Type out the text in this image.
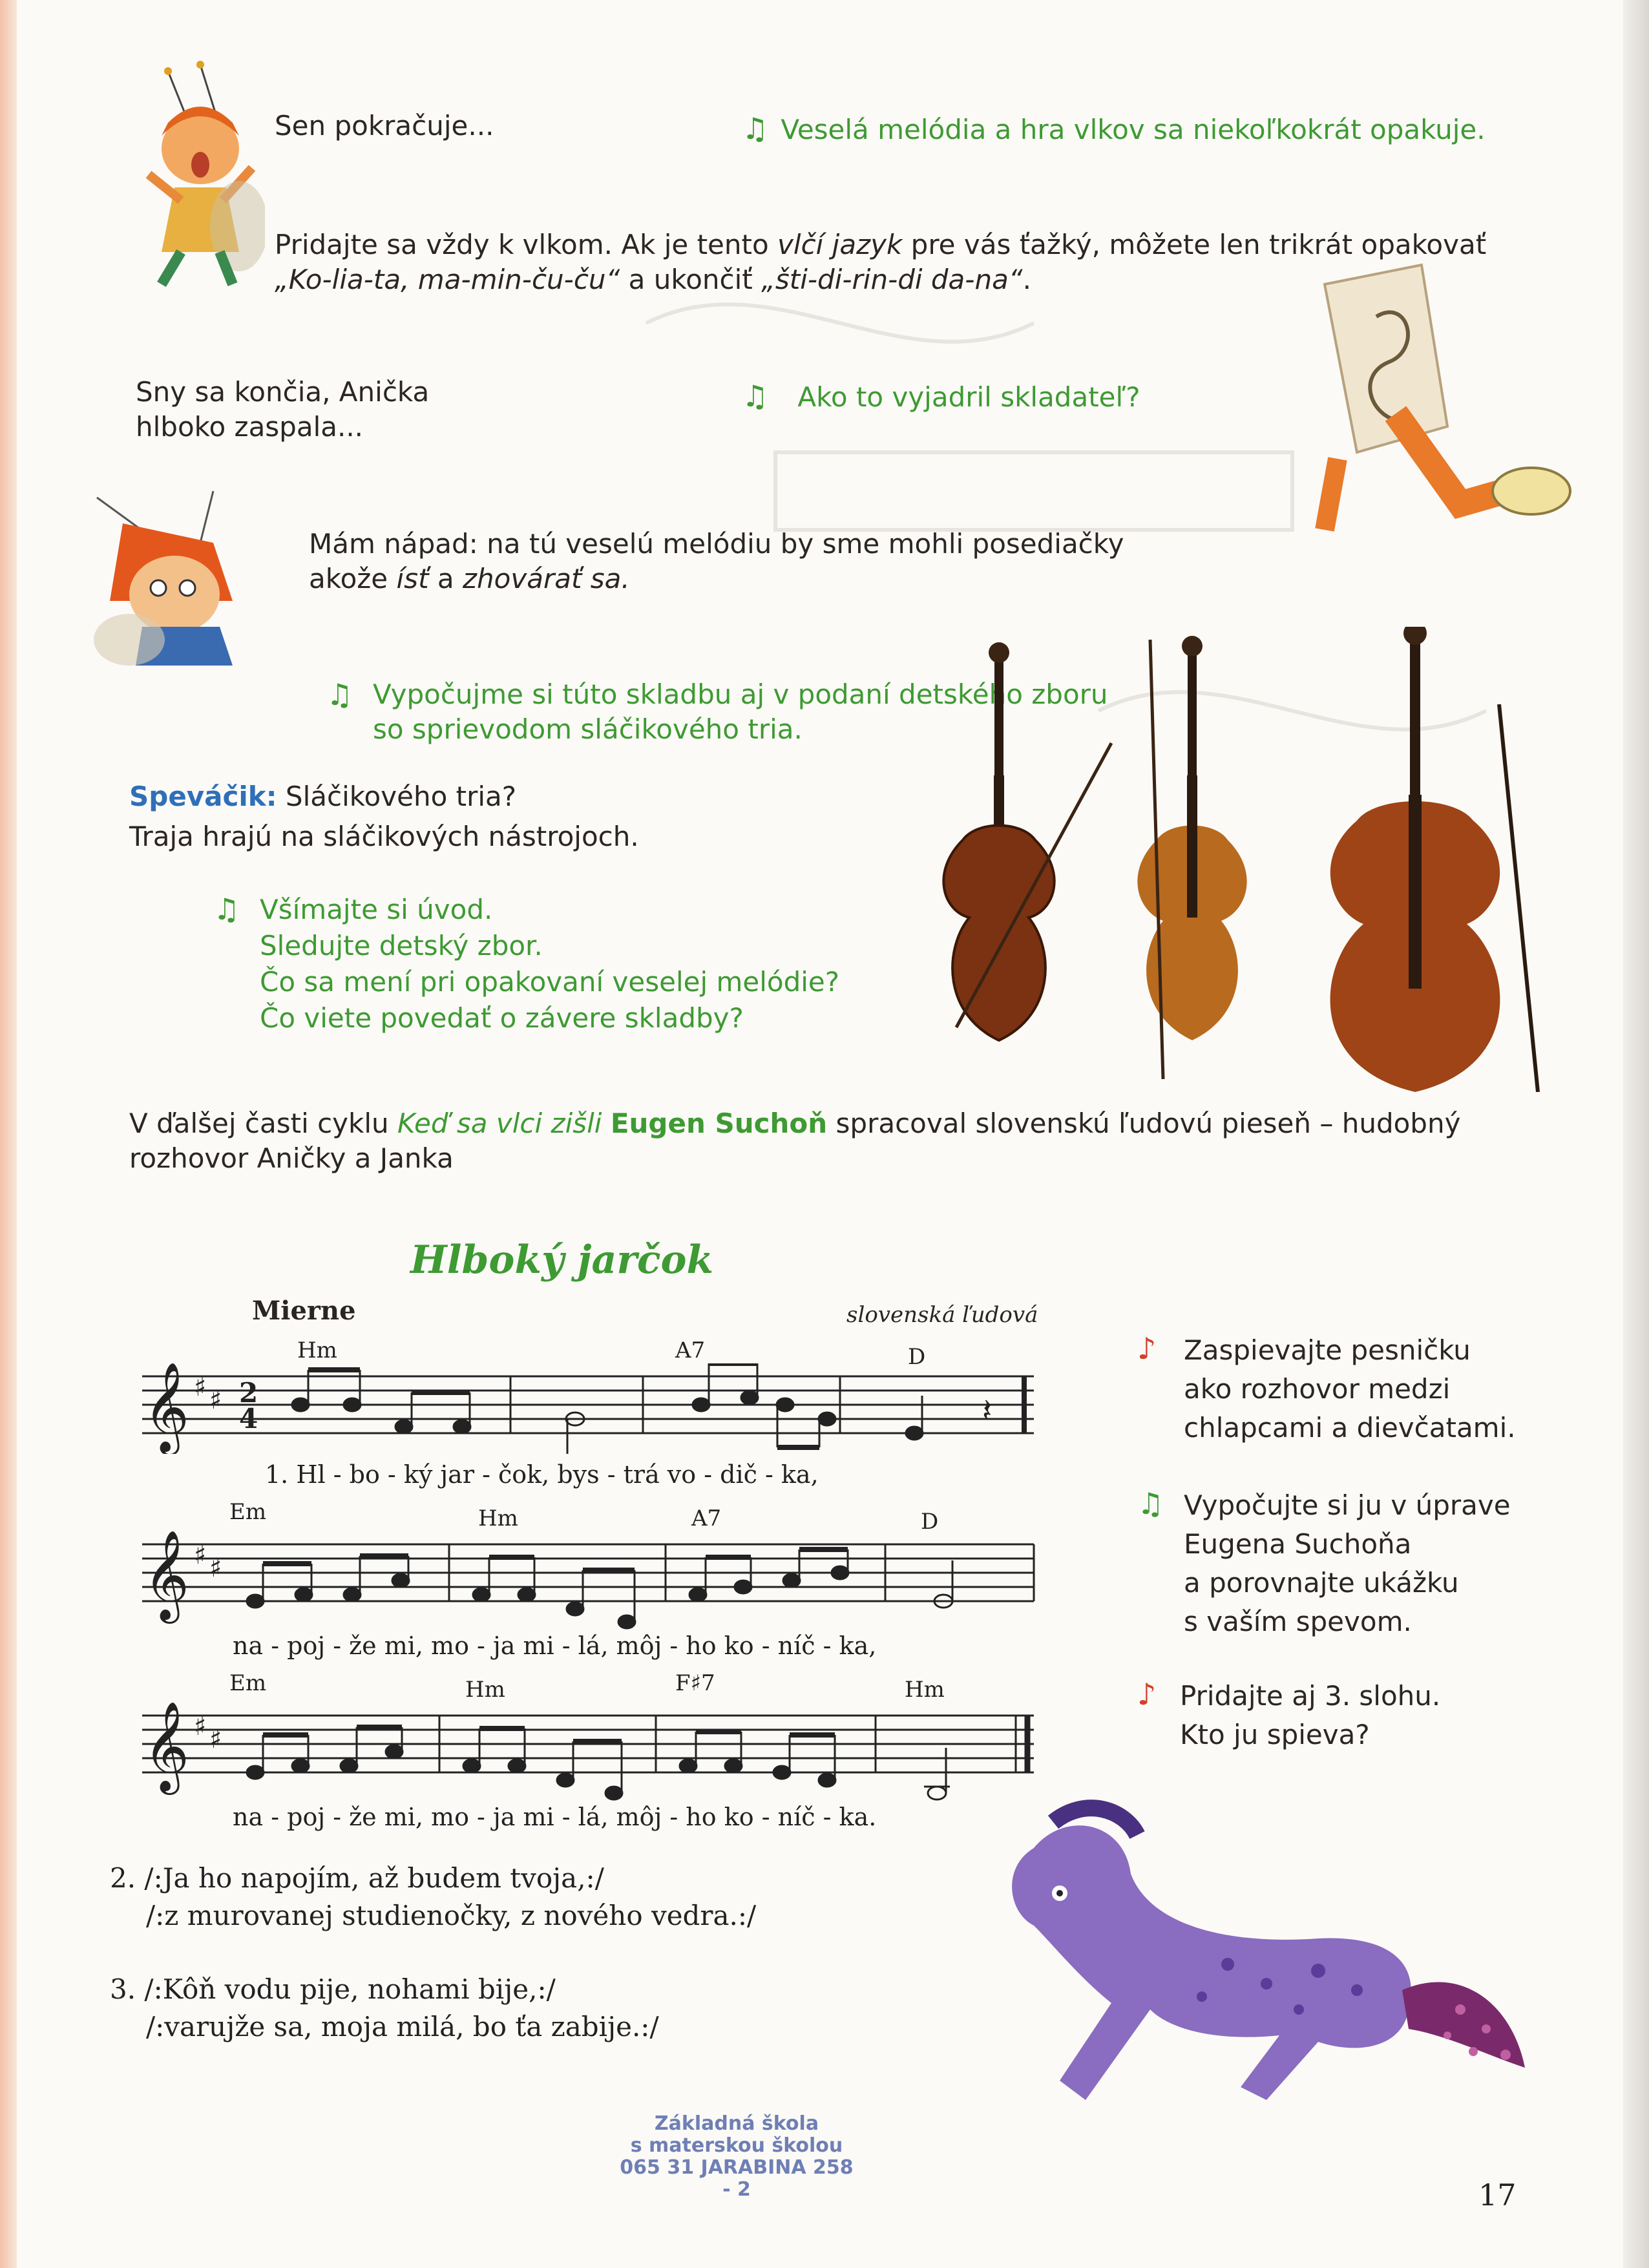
Sen pokračuje...	♫ Veselá melódia a hra vlkov sa niekoľkokrát opakuje.
Pridajte sa vždy k vlkom. Ak je tento vlčí jazyk pre vás ťažký, môžete len trikrát opakovať
„Ko-lia-ta, ma-min-ču-ču“ a ukončiť „šti-di-rin-di da-na“.
Sny sa končia, Anička
hlboko zaspala...
♫ Ako to vyjadril skladateľ?
Mám nápad: na tú veselú melódiu by sme mohli posediačky
akože ísť a zhovárať sa.
♫ Vypočujme si túto skladbu aj v podaní detského zboru
so sprievodom sláčikového tria.
Speváčik: Sláčikového tria?
Traja hrajú na sláčikových nástrojoch.
♫ Všímajte si úvod.
Sledujte detský zbor.
Čo sa mení pri opakovaní veselej melódie?
Čo viete povedať o závere skladby?
V ďalšej časti cyklu Keď sa vlci zišli Eugen Suchoň spracoval slovenskú ľudovú pieseň – hudobný
rozhovor Aničky a Janka
Hlboký jarčok
Mierne	slovenská ľudová
Hm	A7	D
𝄞 ♯ ♯ 2
4	𝄽
1. Hl - bo - ký jar - čok, bys - trá vo - dič - ka,
Em	Hm	A7	D
𝄞 ♯ ♯
na - poj - že mi, mo - ja mi - lá, môj - ho ko - níč - ka,
Em	Hm	F♯7	Hm
𝄞 ♯ ♯
na - poj - že mi, mo - ja mi - lá, môj - ho ko - níč - ka.
2. /:Ja ho napojím, až budem tvoja,:/
/:z murovanej studienočky, z nového vedra.:/
3. /:Kôň vodu pije, nohami bije,:/
/:varujže sa, moja milá, bo ťa zabije.:/
♪ Zaspievajte pesničku
ako rozhovor medzi
chlapcami a dievčatami.
♫ Vypočujte si ju v úprave
Eugena Suchoňa
a porovnajte ukážku
s vaším spevom.
♪ Pridajte aj 3. slohu.
Kto ju spieva?
Základná škola
s materskou školou
065 31 JARABINA 258
- 2	17
